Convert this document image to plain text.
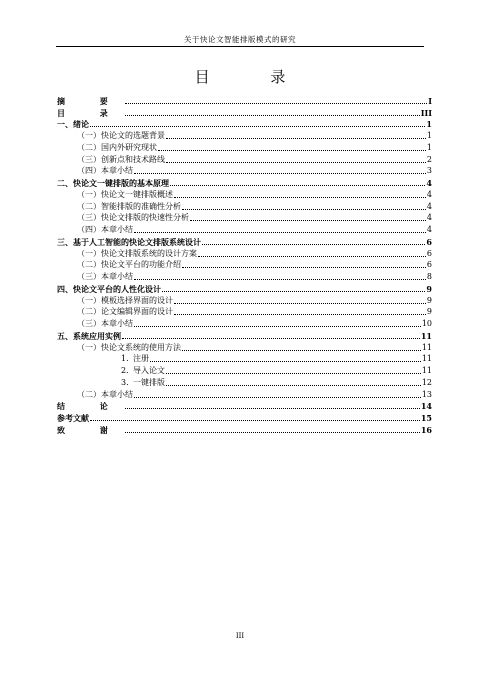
关于快论文智能排版模式的研究
目 录
摘 要	I
目 录	III
一、 绪论	1
（一） 快论文的选题背景	1
（二） 国内外研究现状	1
（三） 创新点和技术路线	2
（四） 本章小结	3
二、 快论文一键排版的基本原理	4
（一） 快论文一键排版概述	4
（二） 智能排版的准确性分析	4
（三） 快论文排版的快速性分析	4
（四） 本章小结	4
三、 基于人工智能的快论文排版系统设计	6
（一） 快论文排版系统的设计方案	6
（二） 快论文平台的功能介绍	6
（三） 本章小结	8
四、 快论文平台的人性化设计	9
（一） 模板选择界面的设计	9
（二） 论文编辑界面的设计	9
（三） 本章小结	10
五、 系统应用实例	11
（一） 快论文系统的使用方法	11
1. 注册	11
2. 导入论文	11
3. 一键排版	12
（二） 本章小结	13
结 论	14
参考文献	15
致 谢	16
III
